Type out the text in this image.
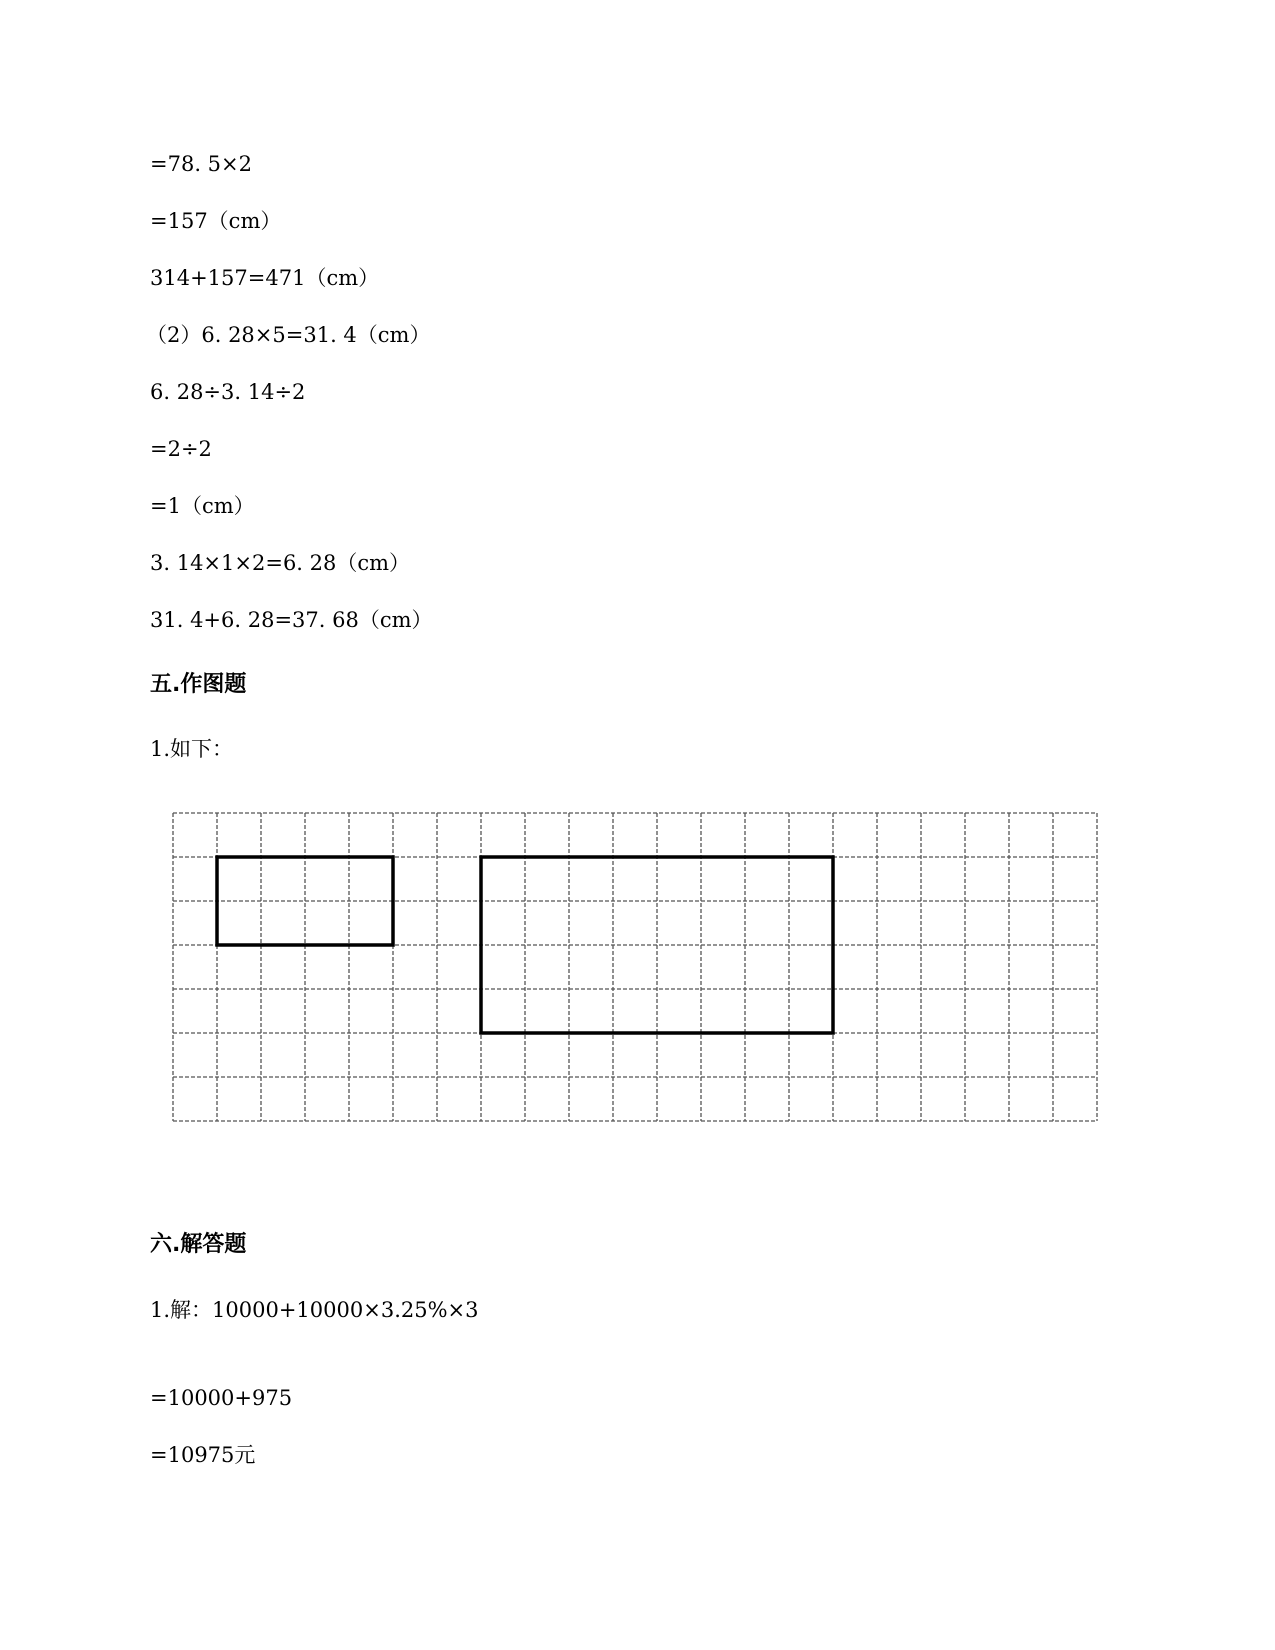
=78. 5×2
=157（cm）
314+157=471（cm）
（2）6. 28×5=31. 4（cm）
6. 28÷3. 14÷2
=2÷2
=1（cm）
3. 14×1×2=6. 28（cm）
31. 4+6. 28=37. 68（cm）
五.作图题
1.如下：
六.解答题
1.解：10000+10000×3.25%×3
=10000+975
=10975元
